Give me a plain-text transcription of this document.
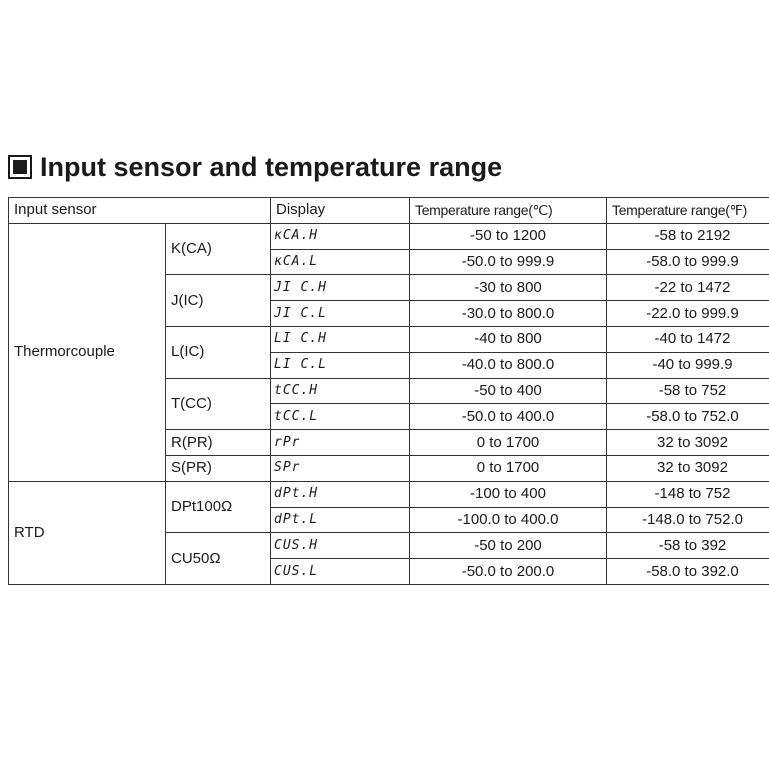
Input sensor and temperature range
Input sensor		Display	Temperature range(℃)	Temperature range(℉)
Thermorcouple	K(CA)	ĸCA.H	-50 to 1200	-58 to 2192
		ĸCA.L	-50.0 to 999.9	-58.0 to 999.9
	J(IC)	JI C.H	-30 to 800	-22 to 1472
		JI C.L	-30.0 to 800.0	-22.0 to 999.9
	L(IC)	LI C.H	-40 to 800	-40 to 1472
		LI C.L	-40.0 to 800.0	-40 to 999.9
	T(CC)	tCC.H	-50 to 400	-58 to 752
		tCC.L	-50.0 to 400.0	-58.0 to 752.0
	R(PR)	rPr	0 to 1700	32 to 3092
	S(PR)	SPr	0 to 1700	32 to 3092
RTD	DPt100Ω	dPt.H	-100 to 400	-148 to 752
		dPt.L	-100.0 to 400.0	-148.0 to 752.0
	CU50Ω	CUS.H	-50 to 200	-58 to 392
		CUS.L	-50.0 to 200.0	-58.0 to 392.0
